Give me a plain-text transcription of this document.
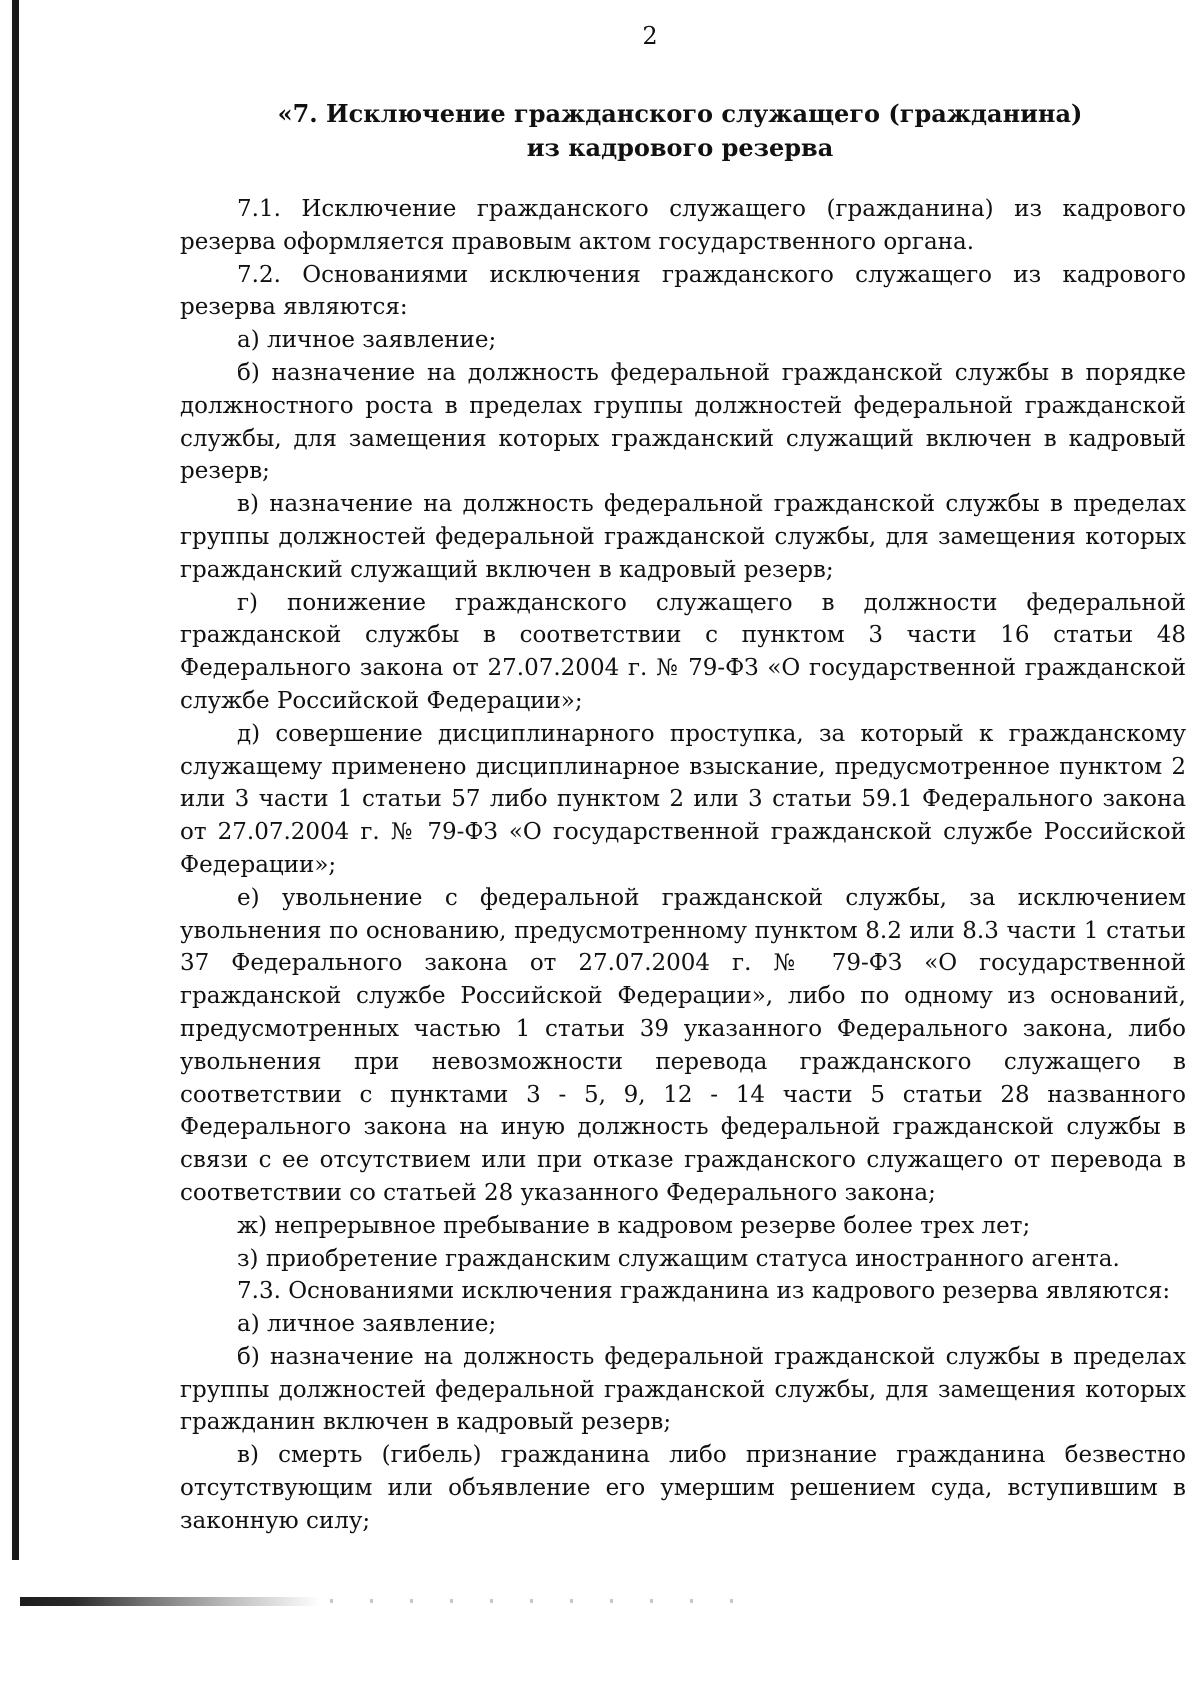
2
«7. Исключение гражданского служащего (гражданина)
из кадрового резерва

7.1. Исключение гражданского служащего (гражданина) из кадрового резерва оформляется правовым актом государственного органа.

7.2. Основаниями исключения гражданского служащего из кадрового резерва являются:

а) личное заявление;

б) назначение на должность федеральной гражданской службы в порядке должностного роста в пределах группы должностей федеральной гражданской службы, для замещения которых гражданский служащий включен в кадровый резерв;

в) назначение на должность федеральной гражданской службы в пределах группы должностей федеральной гражданской службы, для замещения которых гражданский служащий включен в кадровый резерв;

г) понижение гражданского служащего в должности федеральной гражданской службы в соответствии с пунктом 3 части 16 статьи 48 Федерального закона от 27.07.2004 г. № 79-ФЗ «О государственной гражданской службе Российской Федерации»;

д) совершение дисциплинарного проступка, за который к гражданскому служащему применено дисциплинарное взыскание, предусмотренное пунктом 2 или 3 части 1 статьи 57 либо пунктом 2 или 3 статьи 59.1 Федерального закона от 27.07.2004 г. № 79-ФЗ «О государственной гражданской службе Российской Федерации»;

е) увольнение с федеральной гражданской службы, за исключением увольнения по основанию, предусмотренному пунктом 8.2 или 8.3 части 1 статьи 37 Федерального закона от 27.07.2004 г. № 79-ФЗ «О государственной гражданской службе Российской Федерации», либо по одному из оснований, предусмотренных частью 1 статьи 39 указанного Федерального закона, либо увольнения при невозможности перевода гражданского служащего в соответствии с пунктами 3 - 5, 9, 12 - 14 части 5 статьи 28 названного Федерального закона на иную должность федеральной гражданской службы в связи с ее отсутствием или при отказе гражданского служащего от перевода в соответствии со статьей 28 указанного Федерального закона;

ж) непрерывное пребывание в кадровом резерве более трех лет;

з) приобретение гражданским служащим статуса иностранного агента.

7.3. Основаниями исключения гражданина из кадрового резерва являются:

а) личное заявление;

б) назначение на должность федеральной гражданской службы в пределах группы должностей федеральной гражданской службы, для замещения которых гражданин включен в кадровый резерв;

в) смерть (гибель) гражданина либо признание гражданина безвестно отсутствующим или объявление его умершим решением суда, вступившим в законную силу;
